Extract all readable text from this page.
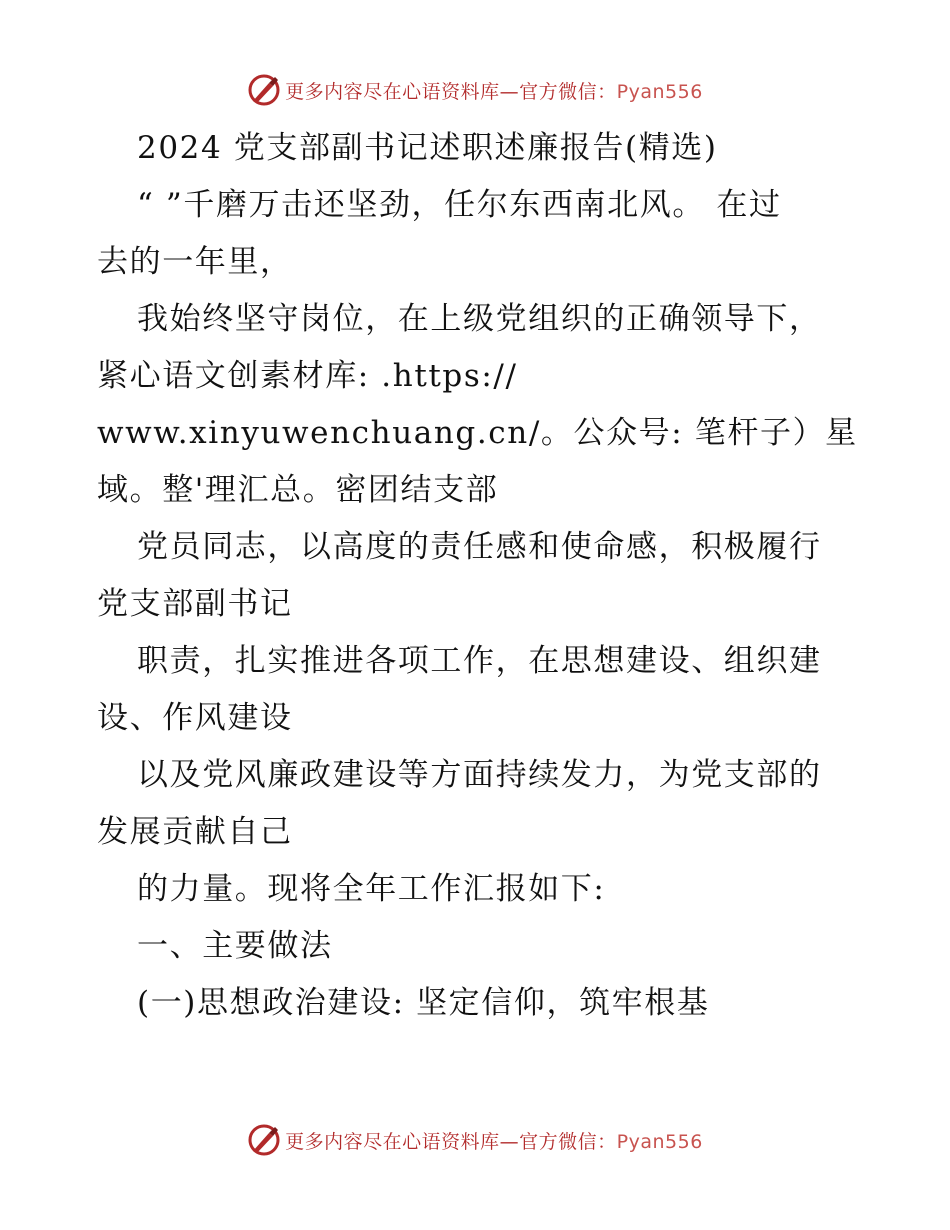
更多内容尽在心语资料库—官方微信：Pyan556
2024 党支部副书记述职述廉报告(精选)
“ ”千磨万击还坚劲，任尔东西南北风。 在过
去的一年里，
我始终坚守岗位，在上级党组织的正确领导下，
紧心语文创素材库: .https://
www.xinyuwenchuang.cn/。公众号: 笔杆子）星
域。整'理汇总。密团结支部
党员同志，以高度的责任感和使命感，积极履行
党支部副书记
职责，扎实推进各项工作，在思想建设、组织建
设、作风建设
以及党风廉政建设等方面持续发力，为党支部的
发展贡献自己
的力量。现将全年工作汇报如下:
一、主要做法
(一)思想政治建设: 坚定信仰，筑牢根基
更多内容尽在心语资料库—官方微信：Pyan556
